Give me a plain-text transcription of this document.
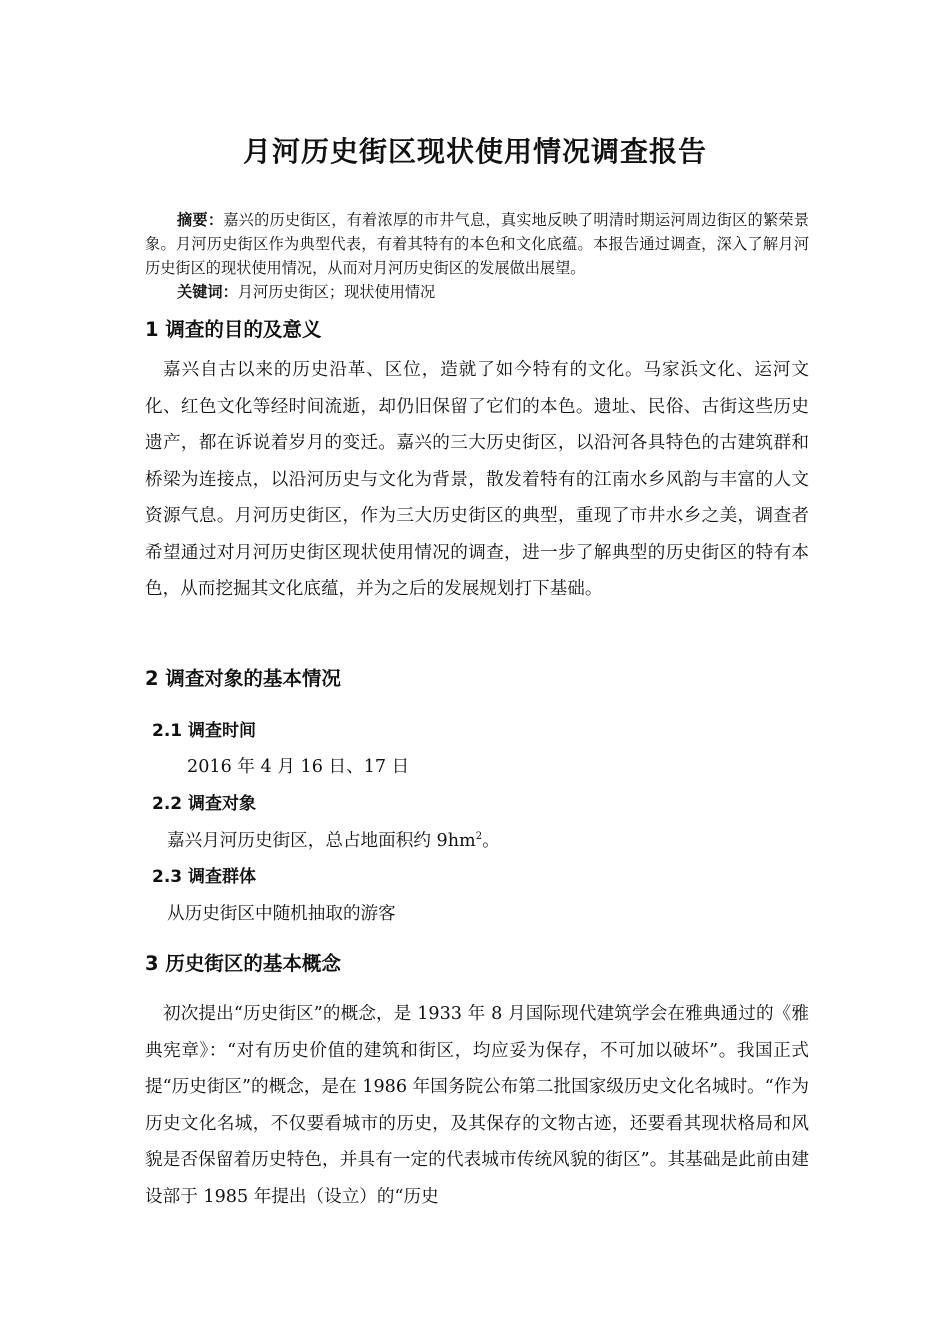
月河历史街区现状使用情况调查报告

摘要：嘉兴的历史街区，有着浓厚的市井气息，真实地反映了明清时期运河周边街区的繁荣景象。月河历史街区作为典型代表，有着其特有的本色和文化底蕴。本报告通过调查，深入了解月河历史街区的现状使用情况，从而对月河历史街区的发展做出展望。

关键词：月河历史街区；现状使用情况

1 调查的目的及意义

嘉兴自古以来的历史沿革、区位，造就了如今特有的文化。马家浜文化、运河文化、红色文化等经时间流逝，却仍旧保留了它们的本色。遗址、民俗、古街这些历史遗产，都在诉说着岁月的变迁。嘉兴的三大历史街区，以沿河各具特色的古建筑群和桥梁为连接点，以沿河历史与文化为背景，散发着特有的江南水乡风韵与丰富的人文资源气息。月河历史街区，作为三大历史街区的典型，重现了市井水乡之美，调查者希望通过对月河历史街区现状使用情况的调查，进一步了解典型的历史街区的特有本色，从而挖掘其文化底蕴，并为之后的发展规划打下基础。

2 调查对象的基本情况
2.1 调查时间
2016 年 4 月 16 日、17 日
2.2 调查对象
嘉兴月河历史街区，总占地面积约 $9hm^2$。
2.3 调查群体
从历史街区中随机抽取的游客
3 历史街区的基本概念

初次提出“历史街区”的概念，是 1933 年 8 月国际现代建筑学会在雅典通过的《雅典宪章》：“对有历史价值的建筑和街区，均应妥为保存，不可加以破坏”。我国正式提“历史街区”的概念，是在 1986 年国务院公布第二批国家级历史文化名城时。“作为历史文化名城，不仅要看城市的历史，及其保存的文物古迹，还要看其现状格局和风貌是否保留着历史特色，并具有一定的代表城市传统风貌的街区”。其基础是此前由建设部于 1985 年提出（设立）的“历史
